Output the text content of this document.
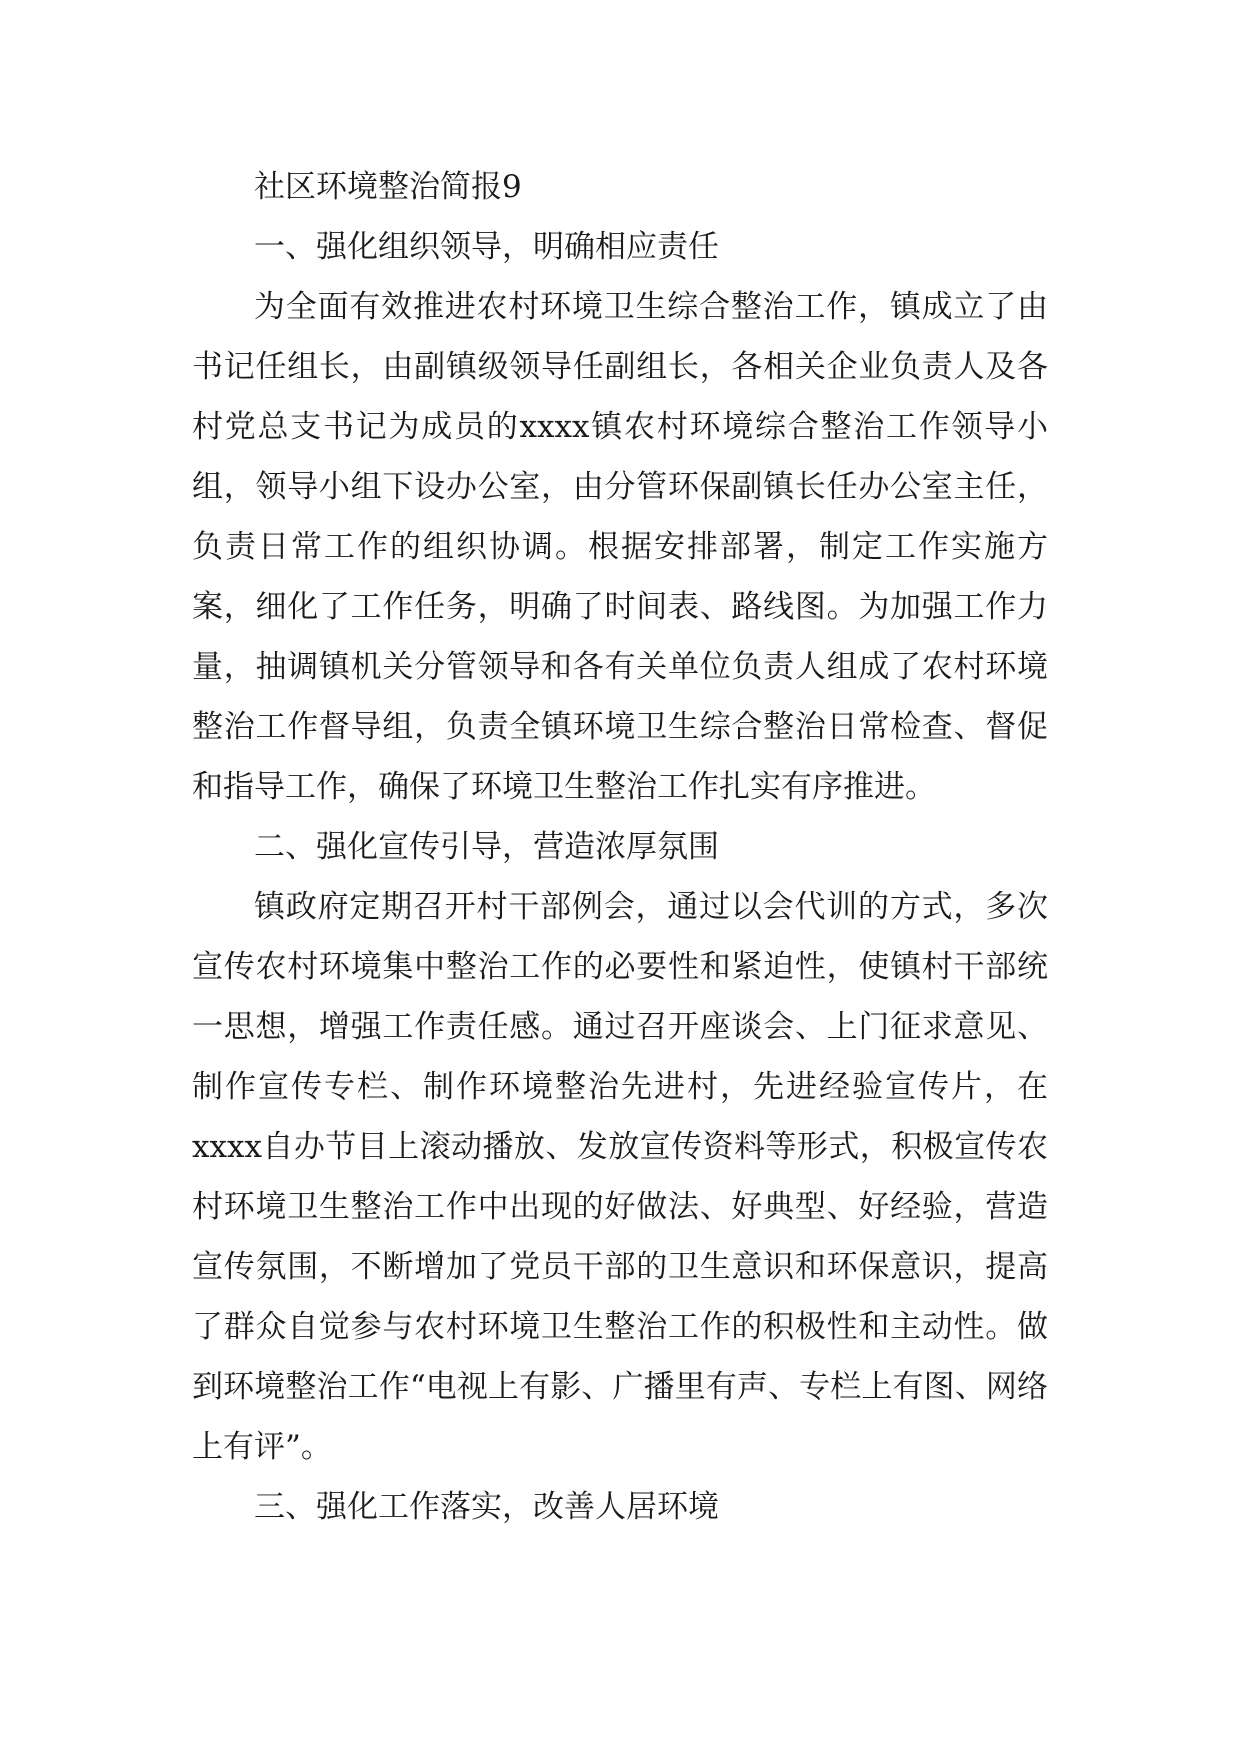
社区环境整治简报9

一、强化组织领导，明确相应责任

为全面有效推进农村环境卫生综合整治工作，镇成立了由书记任组长，由副镇级领导任副组长，各相关企业负责人及各村党总支书记为成员的xxxx镇农村环境综合整治工作领导小组，领导小组下设办公室，由分管环保副镇长任办公室主任，负责日常工作的组织协调。根据安排部署，制定工作实施方案，细化了工作任务，明确了时间表、路线图。为加强工作力量，抽调镇机关分管领导和各有关单位负责人组成了农村环境整治工作督导组，负责全镇环境卫生综合整治日常检查、督促和指导工作，确保了环境卫生整治工作扎实有序推进。

二、强化宣传引导，营造浓厚氛围

镇政府定期召开村干部例会，通过以会代训的方式，多次宣传农村环境集中整治工作的必要性和紧迫性，使镇村干部统一思想，增强工作责任感。通过召开座谈会、上门征求意见、制作宣传专栏、制作环境整治先进村，先进经验宣传片，在xxxx自办节目上滚动播放、发放宣传资料等形式，积极宣传农村环境卫生整治工作中出现的好做法、好典型、好经验，营造宣传氛围，不断增加了党员干部的卫生意识和环保意识，提高了群众自觉参与农村环境卫生整治工作的积极性和主动性。做到环境整治工作“电视上有影、广播里有声、专栏上有图、网络上有评”。

三、强化工作落实，改善人居环境
